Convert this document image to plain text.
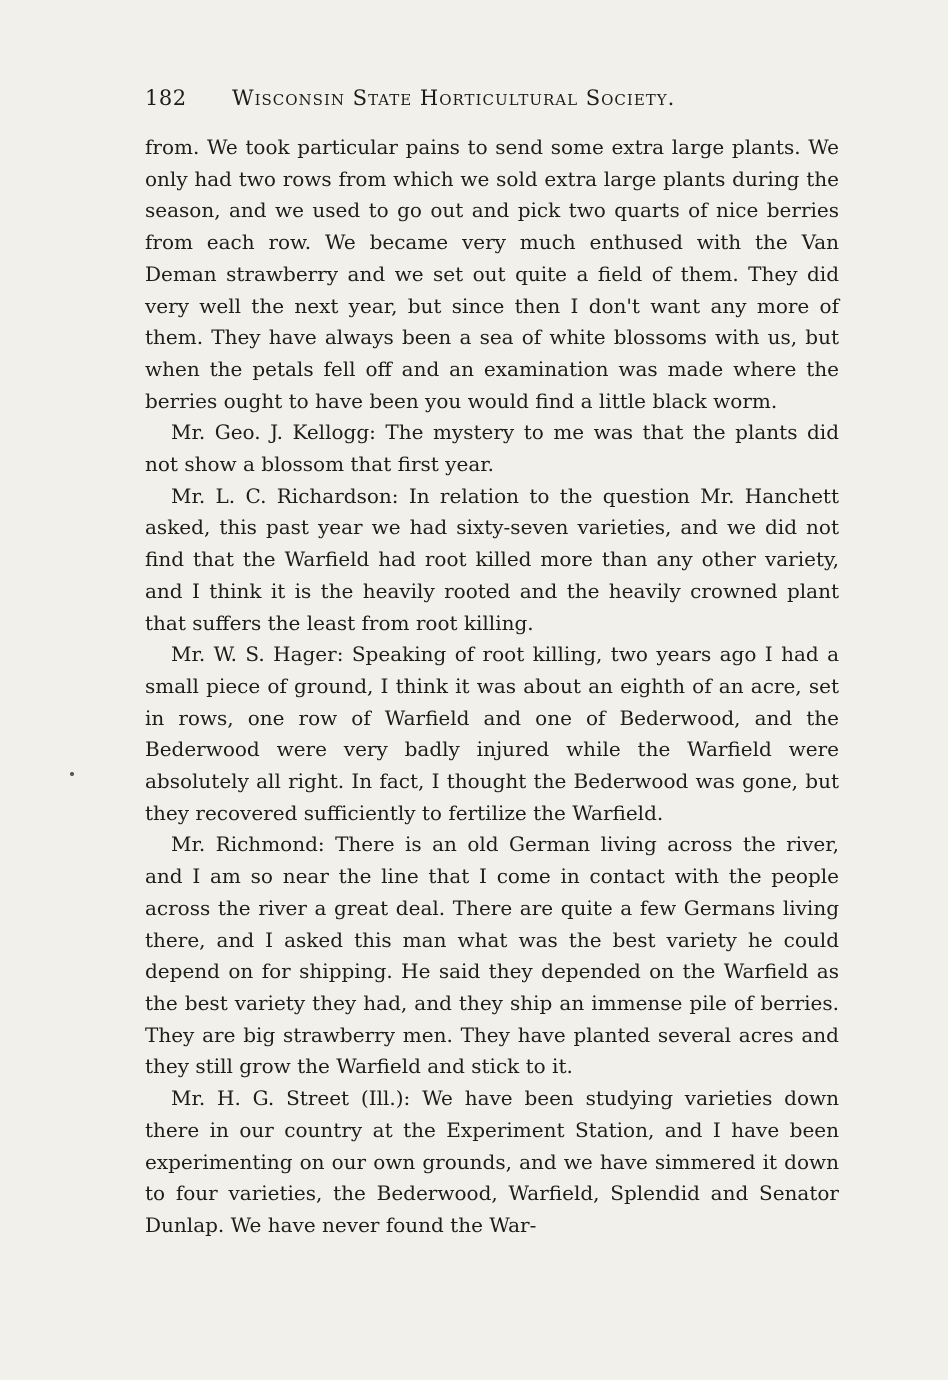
182 Wisconsin State Horticultural Society.

from. We took particular pains to send some extra large plants. We only had two rows from which we sold extra large plants during the season, and we used to go out and pick two quarts of nice berries from each row. We became very much enthused with the Van Deman strawberry and we set out quite a field of them. They did very well the next year, but since then I don't want any more of them. They have always been a sea of white blossoms with us, but when the petals fell off and an examination was made where the berries ought to have been you would find a little black worm.

Mr. Geo. J. Kellogg: The mystery to me was that the plants did not show a blossom that first year.

Mr. L. C. Richardson: In relation to the question Mr. Hanchett asked, this past year we had sixty-seven varieties, and we did not find that the Warfield had root killed more than any other variety, and I think it is the heavily rooted and the heavily crowned plant that suffers the least from root killing.

Mr. W. S. Hager: Speaking of root killing, two years ago I had a small piece of ground, I think it was about an eighth of an acre, set in rows, one row of Warfield and one of Bederwood, and the Bederwood were very badly injured while the Warfield were absolutely all right. In fact, I thought the Bederwood was gone, but they recovered sufficiently to fertilize the Warfield.

Mr. Richmond: There is an old German living across the river, and I am so near the line that I come in contact with the people across the river a great deal. There are quite a few Germans living there, and I asked this man what was the best variety he could depend on for shipping. He said they depended on the Warfield as the best variety they had, and they ship an immense pile of berries. They are big strawberry men. They have planted several acres and they still grow the Warfield and stick to it.

Mr. H. G. Street (Ill.): We have been studying varieties down there in our country at the Experiment Station, and I have been experimenting on our own grounds, and we have simmered it down to four varieties, the Bederwood, Warfield, Splendid and Senator Dunlap. We have never found the War-
